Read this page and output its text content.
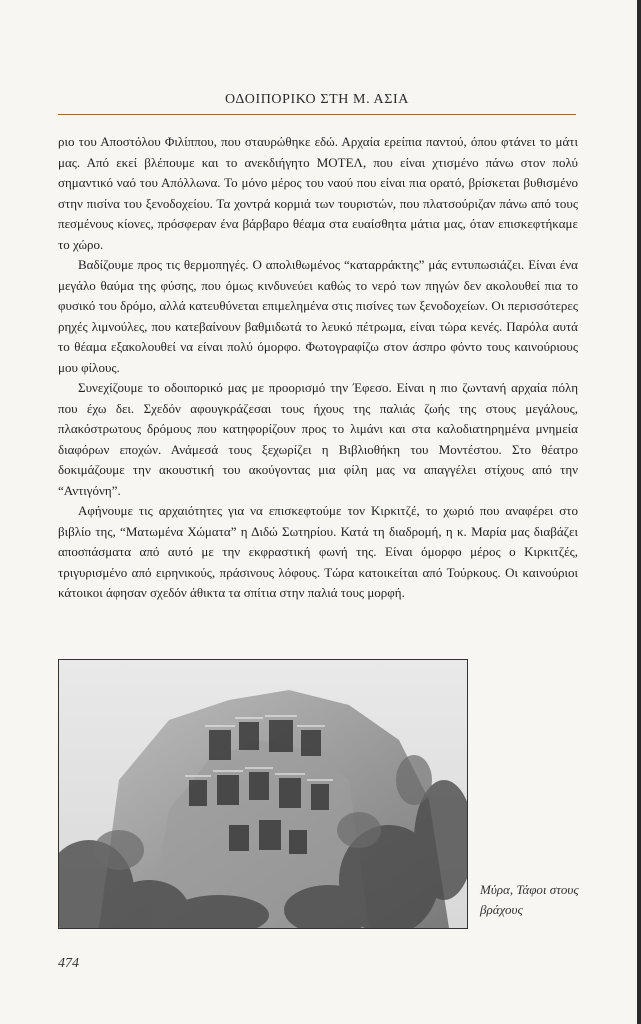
ΟΔΟΙΠΟΡΙΚΟ ΣΤΗ Μ. ΑΣΙΑ

ριο του Αποστόλου Φιλίππου, που σταυρώθηκε εδώ. Αρχαία ερείπια παντού, όπου φτάνει το μάτι μας. Από εκεί βλέπουμε και το ανεκδιήγητο ΜΟΤΕΛ, που είναι χτισμένο πάνω στον πολύ σημαντικό ναό του Απόλλωνα. Το μόνο μέρος του ναού που είναι πια ορατό, βρίσκεται βυθισμένο στην πισίνα του ξενοδοχείου. Τα χοντρά κορμιά των τουριστών, που πλατσούριζαν πάνω από τους πεσμένους κίονες, πρόσφεραν ένα βάρβαρο θέαμα στα ευαίσθητα μάτια μας, όταν επισκεφτήκαμε το χώρο.

Βαδίζουμε προς τις θερμοπηγές. Ο απολιθωμένος “καταρράκτης” μάς εντυπωσιάζει. Είναι ένα μεγάλο θαύμα της φύσης, που όμως κινδυνεύει καθώς το νερό των πηγών δεν ακολουθεί πια το φυσικό του δρόμο, αλλά κατευθύνεται επιμελημένα στις πισίνες των ξενοδοχείων. Οι περισσότερες ρηχές λιμνούλες, που κατεβαίνουν βαθμιδωτά το λευκό πέτρωμα, είναι τώρα κενές. Παρόλα αυτά το θέαμα εξακολουθεί να είναι πολύ όμορφο. Φωτογραφίζω στον άσπρο φόντο τους καινούριους μου φίλους.

Συνεχίζουμε το οδοιπορικό μας με προορισμό την Έφεσο. Είναι η πιο ζωντανή αρχαία πόλη που έχω δει. Σχεδόν αφουγκράζεσαι τους ήχους της παλιάς ζωής της στους μεγάλους, πλακόστρωτους δρόμους που κατηφορίζουν προς το λιμάνι και στα καλοδιατηρημένα μνημεία διαφόρων εποχών. Ανάμεσά τους ξεχωρίζει η Βιβλιοθήκη του Μοντέστου. Στο θέατρο δοκιμάζουμε την ακουστική του ακούγοντας μια φίλη μας να απαγγέλει στίχους από την “Αντιγόνη”.

Αφήνουμε τις αρχαιότητες για να επισκεφτούμε τον Κιρκιτζέ, το χωριό που αναφέρει στο βιβλίο της, “Ματωμένα Χώματα” η Διδώ Σωτηρίου. Κατά τη διαδρομή, η κ. Μαρία μας διαβάζει αποσπάσματα από αυτό με την εκφραστική φωνή της. Είναι όμορφο μέρος ο Κιρκιτζές, τριγυρισμένο από ειρηνικούς, πράσινους λόφους. Τώρα κατοικείται από Τούρκους. Οι καινούριοι κάτοικοι άφησαν σχεδόν άθικτα τα σπίτια στην παλιά τους μορφή.

Μύρα, Τάφοι στους
βράχους
474
